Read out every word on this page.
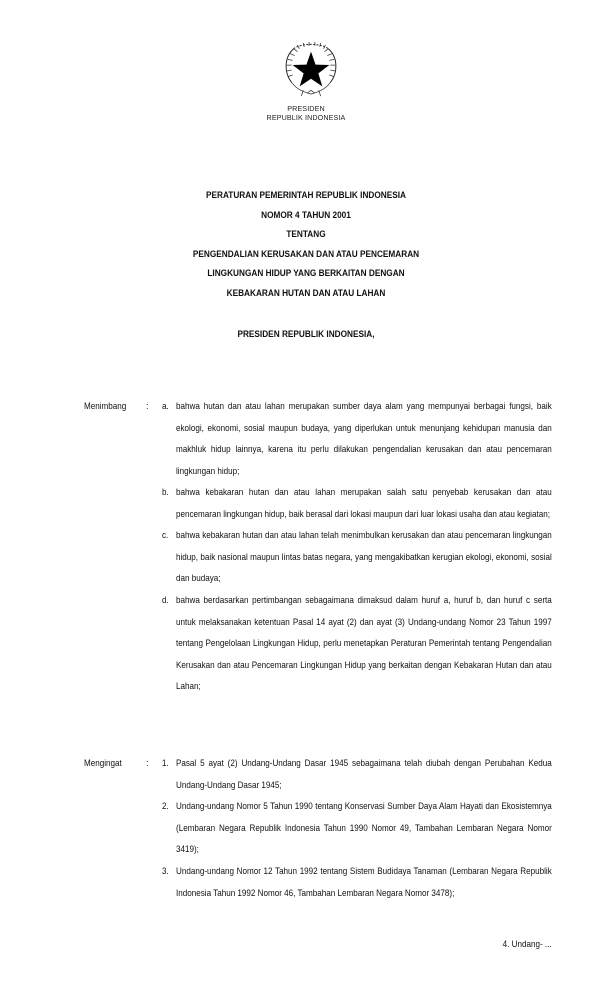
PRESIDEN
REPUBLIK INDONESIA
PERATURAN PEMERINTAH REPUBLIK INDONESIA
NOMOR 4 TAHUN 2001
TENTANG
PENGENDALIAN KERUSAKAN DAN ATAU PENCEMARAN
LINGKUNGAN HIDUP YANG BERKAITAN DENGAN
KEBAKARAN HUTAN DAN ATAU LAHAN
PRESIDEN REPUBLIK INDONESIA,
Menimbang : a. bahwa hutan dan atau lahan merupakan sumber daya alam yang mempunyai berbagai fungsi, baik ekologi, ekonomi, sosial maupun budaya, yang diperlukan untuk menunjang kehidupan manusia dan makhluk hidup lainnya, karena itu perlu dilakukan pengendalian kerusakan dan atau pencemaran lingkungan hidup;
b. bahwa kebakaran hutan dan atau lahan merupakan salah satu penyebab kerusakan dan atau pencemaran lingkungan hidup, baik berasal dari lokasi maupun dari luar lokasi usaha dan atau kegiatan;
c. bahwa kebakaran hutan dan atau lahan telah menimbulkan kerusakan dan atau pencemaran lingkungan hidup, baik nasional maupun lintas batas negara, yang mengakibatkan kerugian ekologi, ekonomi, sosial dan budaya;
d. bahwa berdasarkan pertimbangan sebagaimana dimaksud dalam huruf a, huruf b, dan huruf c serta untuk melaksanakan ketentuan Pasal 14 ayat (2) dan ayat (3) Undang-undang Nomor 23 Tahun 1997 tentang Pengelolaan Lingkungan Hidup, perlu menetapkan Peraturan Pemerintah tentang Pengendalian Kerusakan dan atau Pencemaran Lingkungan Hidup yang berkaitan dengan Kebakaran Hutan dan atau Lahan;
Mengingat	: 1. Pasal 5 ayat (2) Undang-Undang Dasar 1945 sebagaimana telah diubah dengan Perubahan Kedua Undang-Undang Dasar 1945;
2. Undang-undang Nomor 5 Tahun 1990 tentang Konservasi Sumber Daya Alam Hayati dan Ekosistemnya (Lembaran Negara Republik Indonesia Tahun 1990 Nomor 49, Tambahan Lembaran Negara Nomor 3419);
3. Undang-undang Nomor 12 Tahun 1992 tentang Sistem Budidaya Tanaman (Lembaran Negara Republik Indonesia Tahun 1992 Nomor 46, Tambahan Lembaran Negara Nomor 3478);
4. Undang- ...
